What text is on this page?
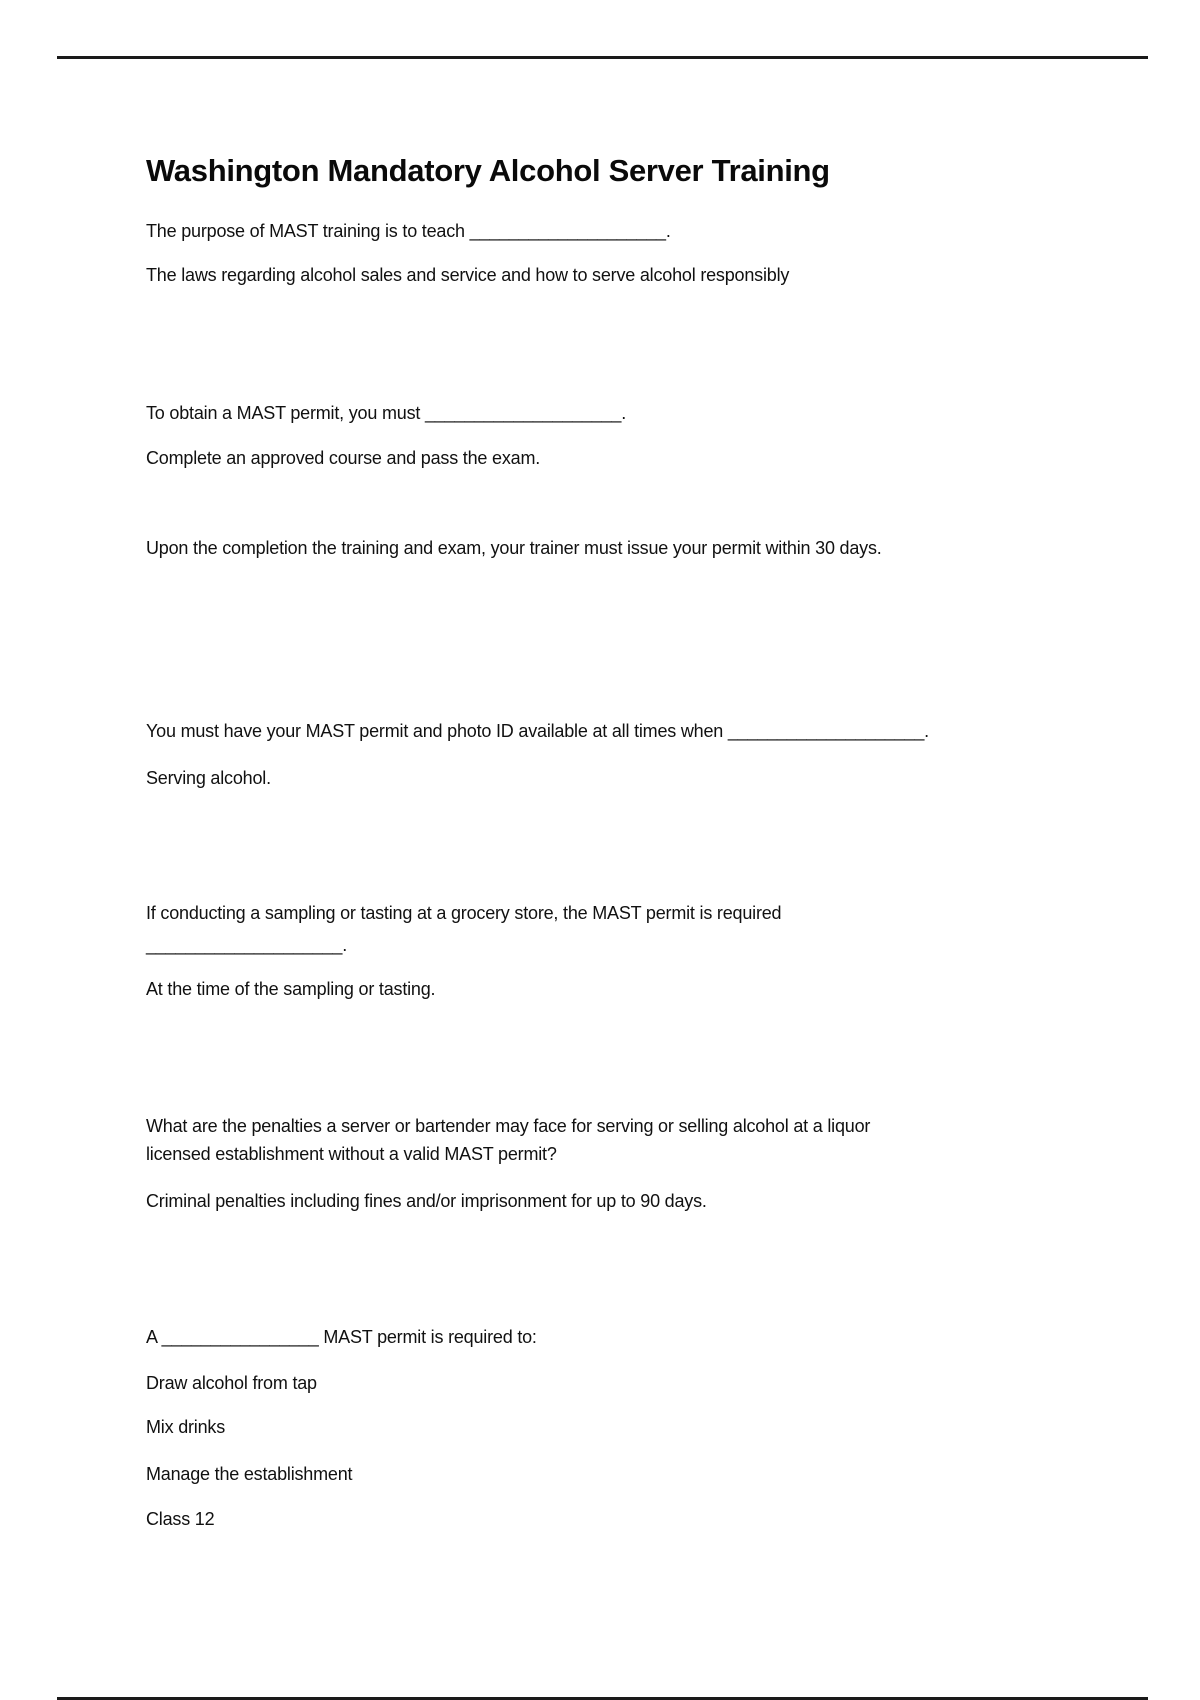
Washington Mandatory Alcohol Server Training
The purpose of MAST training is to teach ____________________.
The laws regarding alcohol sales and service and how to serve alcohol responsibly
To obtain a MAST permit, you must ____________________.
Complete an approved course and pass the exam.
Upon the completion the training and exam, your trainer must issue your permit within 30 days.
You must have your MAST permit and photo ID available at all times when ____________________.
Serving alcohol.
If conducting a sampling or tasting at a grocery store, the MAST permit is required
____________________.
At the time of the sampling or tasting.
What are the penalties a server or bartender may face for serving or selling alcohol at a liquor
licensed establishment without a valid MAST permit?
Criminal penalties including fines and/or imprisonment for up to 90 days.
A ________________ MAST permit is required to:
Draw alcohol from tap
Mix drinks
Manage the establishment
Class 12
